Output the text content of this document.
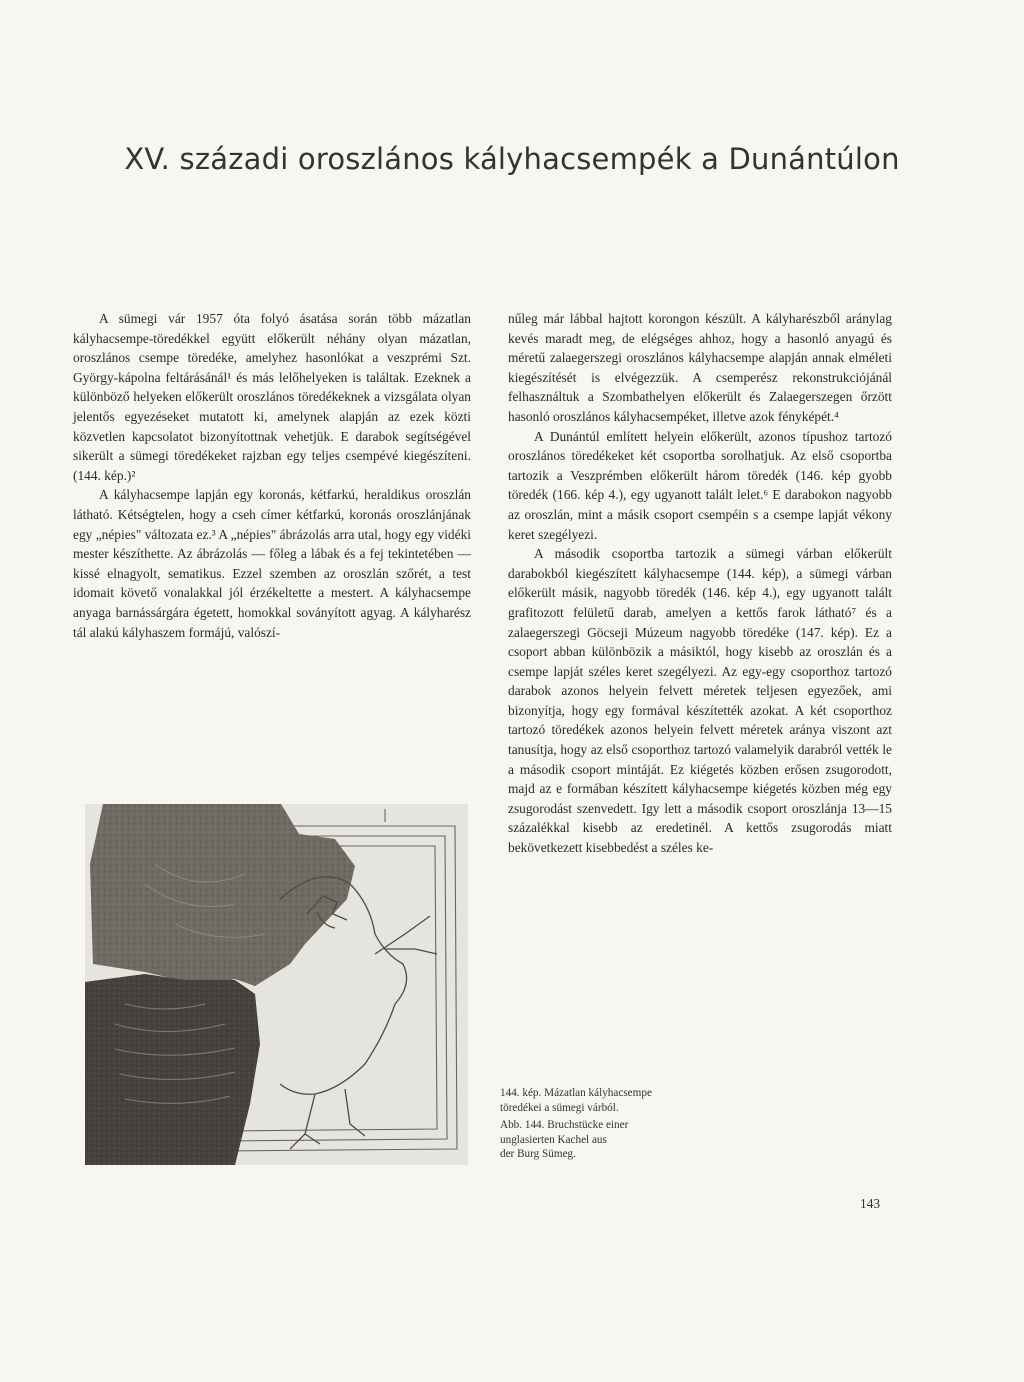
XV. századi oroszlános kályhacsempék a Dunántúlon

A sümegi vár 1957 óta folyó ásatása során több mázatlan kályhacsempe-töredékkel együtt előkerült néhány olyan mázatlan, oroszlános csempe töredéke, amelyhez hasonlókat a veszprémi Szt. György-kápolna feltárásánál¹ és más lelőhelyeken is találtak. Ezeknek a különböző helyeken előkerült oroszlános töredékeknek a vizsgálata olyan jelentős egyezéseket mutatott ki, amelynek alapján az ezek közti közvetlen kapcsolatot bizonyítottnak vehetjük. E darabok segítségével sikerült a sümegi töredékeket rajzban egy teljes csempévé kiegészíteni. (144. kép.)²

A kályhacsempe lapján egy koronás, kétfarkú, heraldikus oroszlán látható. Kétségtelen, hogy a cseh címer kétfarkú, koronás oroszlánjának egy „népies" változata ez.³ A „népies" ábrázolás arra utal, hogy egy vidéki mester készíthette. Az ábrázolás — főleg a lábak és a fej tekintetében — kissé elnagyolt, sematikus. Ezzel szemben az oroszlán szőrét, a test idomait követő vonalakkal jól érzékeltette a mestert. A kályhacsempe anyaga barnássárgára égetett, homokkal soványított agyag. A kályharész tál alakú kályhaszem formájú, valószí-

nűleg már lábbal hajtott korongon készült. A kályharészből aránylag kevés maradt meg, de elégséges ahhoz, hogy a hasonló anyagú és méretű zalaegerszegi oroszlános kályhacsempe alapján annak elméleti kiegészítését is elvégezzük. A csemperész rekonstrukciójánál felhasználtuk a Szombathelyen előkerült és Zalaegerszegen őrzött hasonló oroszlános kályhacsempéket, illetve azok fényképét.⁴

A Dunántúl említett helyein előkerült, azonos típushoz tartozó oroszlános töredékeket két csoportba sorolhatjuk. Az első csoportba tartozik a Veszprémben előkerült három töredék (146. kép gyobb töredék (166. kép 4.), egy ugyanott talált lelet.⁶ E darabokon nagyobb az oroszlán, mint a másik csoport csempéin s a csempe lapját vékony keret szegélyezi.

A második csoportba tartozik a sümegi várban előkerült darabokból kiegészített kályhacsempe (144. kép), a sümegi várban előkerült másik, nagyobb töredék (146. kép 4.), egy ugyanott talált grafitozott felületű darab, amelyen a kettős farok látható⁷ és a zalaegerszegi Göcseji Múzeum nagyobb töredéke (147. kép). Ez a csoport abban különbözik a másiktól, hogy kisebb az oroszlán és a csempe lapját széles keret szegélyezi. Az egy-egy csoporthoz tartozó darabok azonos helyein felvett méretek teljesen egyezőek, ami bizonyítja, hogy egy formával készítették azokat. A két csoporthoz tartozó töredékek azonos helyein felvett méretek aránya viszont azt tanusítja, hogy az első csoporthoz tartozó valamelyik darabról vették le a második csoport mintáját. Ez kiégetés közben erősen zsugorodott, majd az e formában készített kályhacsempe kiégetés közben még egy zsugorodást szenvedett. Igy lett a második csoport oroszlánja 13—15 százalékkal kisebb az eredetinél. A kettős zsugorodás miatt bekövetkezett kisebbedést a széles ke-

144. kép. Mázatlan kályhacsempe
töredékei a sümegi várból.
Abb. 144. Bruchstücke einer
unglasierten Kachel aus
der Burg Sümeg.
143
